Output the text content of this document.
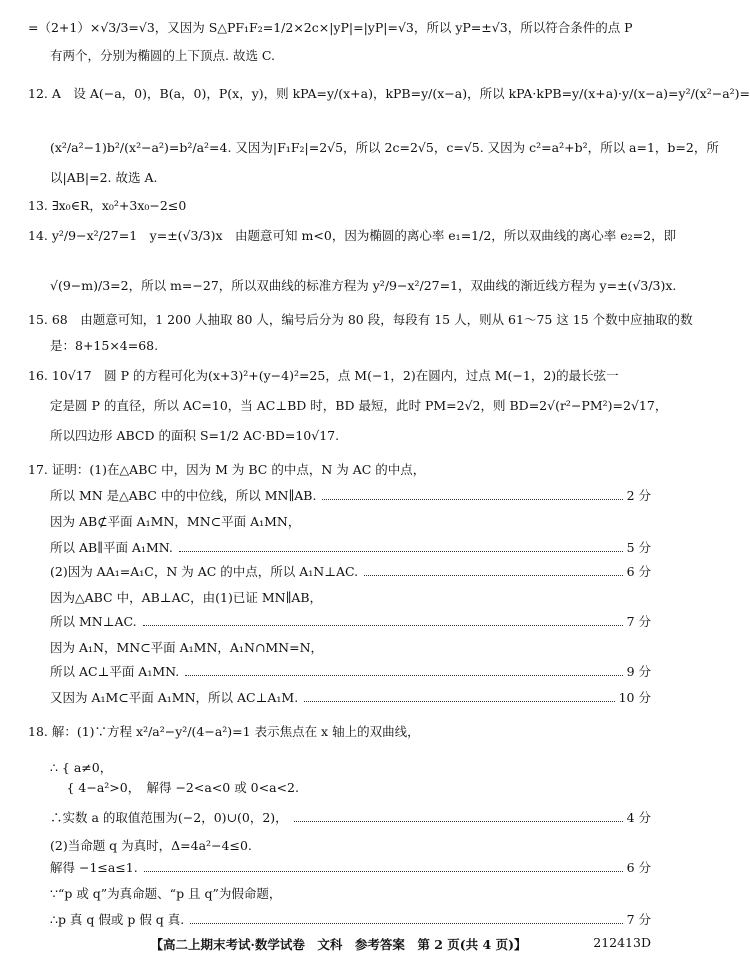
=（2+1）×√3/3=√3，又因为 S△PF₁F₂=1/2×2c×|yP|=|yP|=√3，所以 yP=±√3，所以符合条件的点 P
有两个，分别为椭圆的上下顶点. 故选 C.
12. A　设 A(−a，0)，B(a，0)，P(x，y)，则 kPA=y/(x+a)，kPB=y/(x−a)，所以 kPA·kPB=y/(x+a)·y/(x−a)=y²/(x²−a²)=
(x²/a²−1)b²/(x²−a²)=b²/a²=4. 又因为|F₁F₂|=2√5，所以 2c=2√5，c=√5. 又因为 c²=a²+b²，所以 a=1，b=2，所
以|AB|=2. 故选 A.
13. ∃x₀∈R，x₀²+3x₀−2≤0
14. y²/9−x²/27=1　y=±(√3/3)x　由题意可知 m<0，因为椭圆的离心率 e₁=1/2，所以双曲线的离心率 e₂=2，即
√(9−m)/3=2，所以 m=−27，所以双曲线的标准方程为 y²/9−x²/27=1，双曲线的渐近线方程为 y=±(√3/3)x.
15. 68　由题意可知，1 200 人抽取 80 人，编号后分为 80 段，每段有 15 人，则从 61～75 这 15 个数中应抽取的数
是：8+15×4=68.
16. 10√17　圆 P 的方程可化为(x+3)²+(y−4)²=25，点 M(−1，2)在圆内，过点 M(−1，2)的最长弦一
定是圆 P 的直径，所以 AC=10，当 AC⊥BD 时，BD 最短，此时 PM=2√2，则 BD=2√(r²−PM²)=2√17，
所以四边形 ABCD 的面积 S=1/2 AC·BD=10√17.
17. 证明：(1)在△ABC 中，因为 M 为 BC 的中点，N 为 AC 的中点，
所以 MN 是△ABC 中的中位线，所以 MN∥AB.	2 分
因为 AB⊄平面 A₁MN，MN⊂平面 A₁MN，
所以 AB∥平面 A₁MN.	5 分
(2)因为 AA₁=A₁C，N 为 AC 的中点，所以 A₁N⊥AC.	6 分
因为△ABC 中，AB⊥AC，由(1)已证 MN∥AB，
所以 MN⊥AC.	7 分
因为 A₁N，MN⊂平面 A₁MN，A₁N∩MN=N，
所以 AC⊥平面 A₁MN.	9 分
又因为 A₁M⊂平面 A₁MN，所以 AC⊥A₁M.	10 分
18. 解：(1)∵方程 x²/a²−y²/(4−a²)=1 表示焦点在 x 轴上的双曲线，
∴ { a≠0，
　 { 4−a²>0，　解得 −2<a<0 或 0<a<2.
∴实数 a 的取值范围为(−2，0)∪(0，2)，	4 分
(2)当命题 q 为真时，Δ=4a²−4≤0.
解得 −1≤a≤1.	6 分
∵“p 或 q”为真命题、“p 且 q”为假命题，
∴p 真 q 假或 p 假 q 真.	7 分
【高二上期末考试·数学试卷　文科　参考答案　第 2 页(共 4 页)】	212413D
